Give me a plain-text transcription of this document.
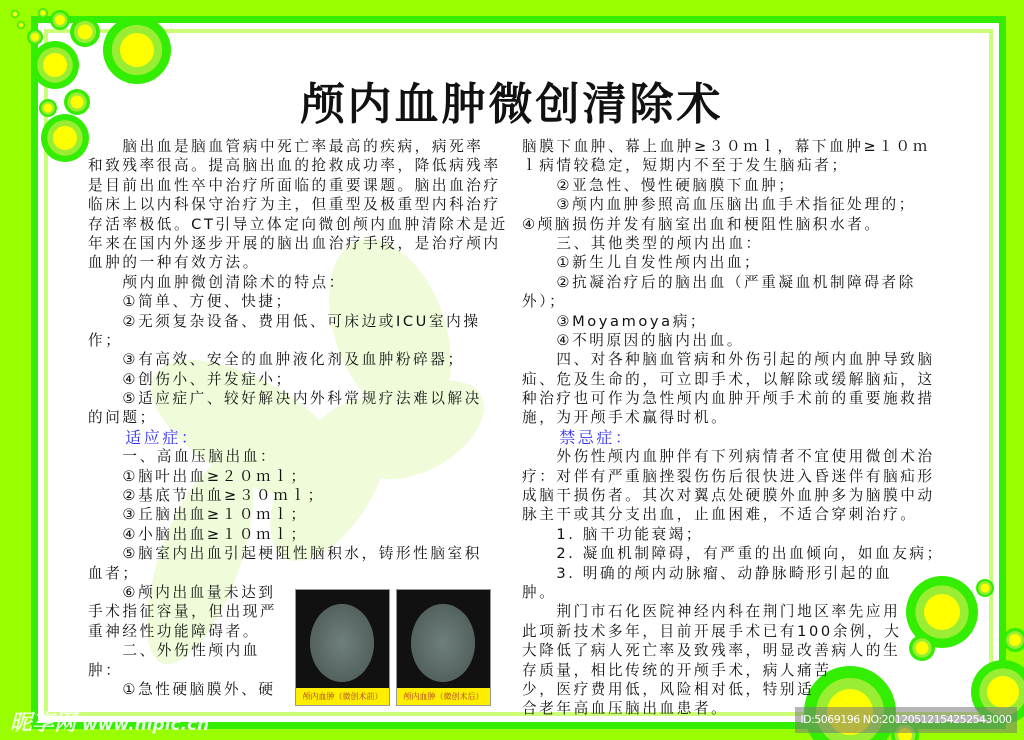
颅内血肿微创清除术
　　脑出血是脑血管病中死亡率最高的疾病，病死率
和致残率很高。提高脑出血的抢救成功率，降低病残率
是目前出血性卒中治疗所面临的重要课题。脑出血治疗
临床上以内科保守治疗为主，但重型及极重型内科治疗
存活率极低。CT引导立体定向微创颅内血肿清除术是近
年来在国内外逐步开展的脑出血治疗手段，是治疗颅内
血肿的一种有效方法。
　　颅内血肿微创清除术的特点：
　　①简单、方便、快捷；
　　②无须复杂设备、费用低、可床边或ICU室内操
作；
　　③有高效、安全的血肿液化剂及血肿粉碎器；
　　④创伤小、并发症小；
　　⑤适应症广、较好解决内外科常规疗法难以解决
的问题；
　　适应症：
　　一、高血压脑出血：
　　①脑叶出血≥２０ｍｌ；
　　②基底节出血≥３０ｍｌ；
　　③丘脑出血≥１０ｍｌ；
　　④小脑出血≥１０ｍｌ；
　　⑤脑室内出血引起梗阻性脑积水，铸形性脑室积
血者；
　　⑥颅内出血量未达到
手术指征容量，但出现严
重神经性功能障碍者。
　　二、外伤性颅内血
肿：
　　①急性硬脑膜外、硬
脑膜下血肿、幕上血肿≥３０ｍｌ，幕下血肿≥１０ｍ
ｌ病情较稳定，短期内不至于发生脑疝者；
　　②亚急性、慢性硬脑膜下血肿；
　　③颅内血肿参照高血压脑出血手术指征处理的；
④颅脑损伤并发有脑室出血和梗阻性脑积水者。
　　三、其他类型的颅内出血：
　　①新生儿自发性颅内出血；
　　②抗凝治疗后的脑出血（严重凝血机制障碍者除
外）；
　　③Moyamoya病；
　　④不明原因的脑内出血。
　　四、对各种脑血管病和外伤引起的颅内血肿导致脑
疝、危及生命的，可立即手术，以解除或缓解脑疝，这
种治疗也可作为急性颅内血肿开颅手术前的重要施救措
施，为开颅手术赢得时机。
　　禁忌症：
　　外伤性颅内血肿伴有下列病情者不宜使用微创术治
疗：对伴有严重脑挫裂伤伤后很快进入昏迷伴有脑疝形
成脑干损伤者。其次对翼点处硬膜外血肿多为脑膜中动
脉主干或其分支出血，止血困难，不适合穿刺治疗。
　　1. 脑干功能衰竭；
　　2. 凝血机制障碍，有严重的出血倾向，如血友病；
　　3. 明确的颅内动脉瘤、动静脉畸形引起的血
肿。
　　荆门市石化医院神经内科在荆门地区率先应用
此项新技术多年，目前开展手术已有100余例，大
大降低了病人死亡率及致残率，明显改善病人的生
存质量，相比传统的开颅手术，病人痛苦
少，医疗费用低，风险相对低，特别适
合老年高血压脑出血患者。
颅内血肿（微创术前）	颅内血肿（微创术后）
昵享网 www.nipic.cn	ID:5069196 NO:20120512154252543000
